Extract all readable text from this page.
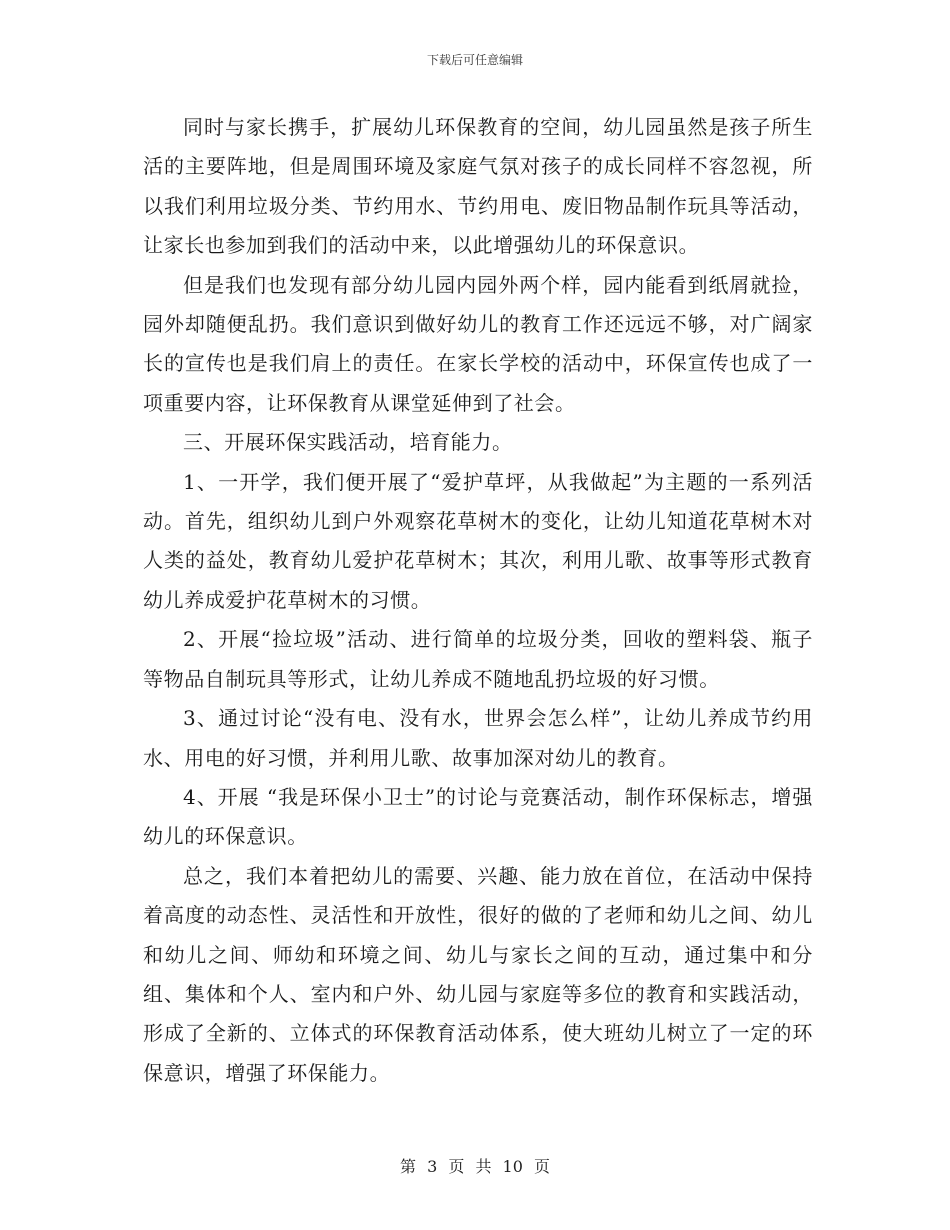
下载后可任意编辑

同时与家长携手，扩展幼儿环保教育的空间，幼儿园虽然是孩子所生活的主要阵地，但是周围环境及家庭气氛对孩子的成长同样不容忽视，所以我们利用垃圾分类、节约用水、节约用电、废旧物品制作玩具等活动，让家长也参加到我们的活动中来，以此增强幼儿的环保意识。

但是我们也发现有部分幼儿园内园外两个样，园内能看到纸屑就捡，园外却随便乱扔。我们意识到做好幼儿的教育工作还远远不够，对广阔家长的宣传也是我们肩上的责任。在家长学校的活动中，环保宣传也成了一项重要内容，让环保教育从课堂延伸到了社会。

三、开展环保实践活动，培育能力。

1、一开学，我们便开展了“爱护草坪，从我做起”为主题的一系列活动。首先，组织幼儿到户外观察花草树木的变化，让幼儿知道花草树木对人类的益处，教育幼儿爱护花草树木；其次，利用儿歌、故事等形式教育幼儿养成爱护花草树木的习惯。

2、开展“捡垃圾”活动、进行简单的垃圾分类，回收的塑料袋、瓶子等物品自制玩具等形式，让幼儿养成不随地乱扔垃圾的好习惯。

3、通过讨论“没有电、没有水，世界会怎么样”，让幼儿养成节约用水、用电的好习惯，并利用儿歌、故事加深对幼儿的教育。

4、开展 “我是环保小卫士”的讨论与竞赛活动，制作环保标志，增强幼儿的环保意识。

总之，我们本着把幼儿的需要、兴趣、能力放在首位，在活动中保持着高度的动态性、灵活性和开放性，很好的做的了老师和幼儿之间、幼儿和幼儿之间、师幼和环境之间、幼儿与家长之间的互动，通过集中和分组、集体和个人、室内和户外、幼儿园与家庭等多位的教育和实践活动，形成了全新的、立体式的环保教育活动体系，使大班幼儿树立了一定的环保意识，增强了环保能力。

第 3 页 共 10 页
